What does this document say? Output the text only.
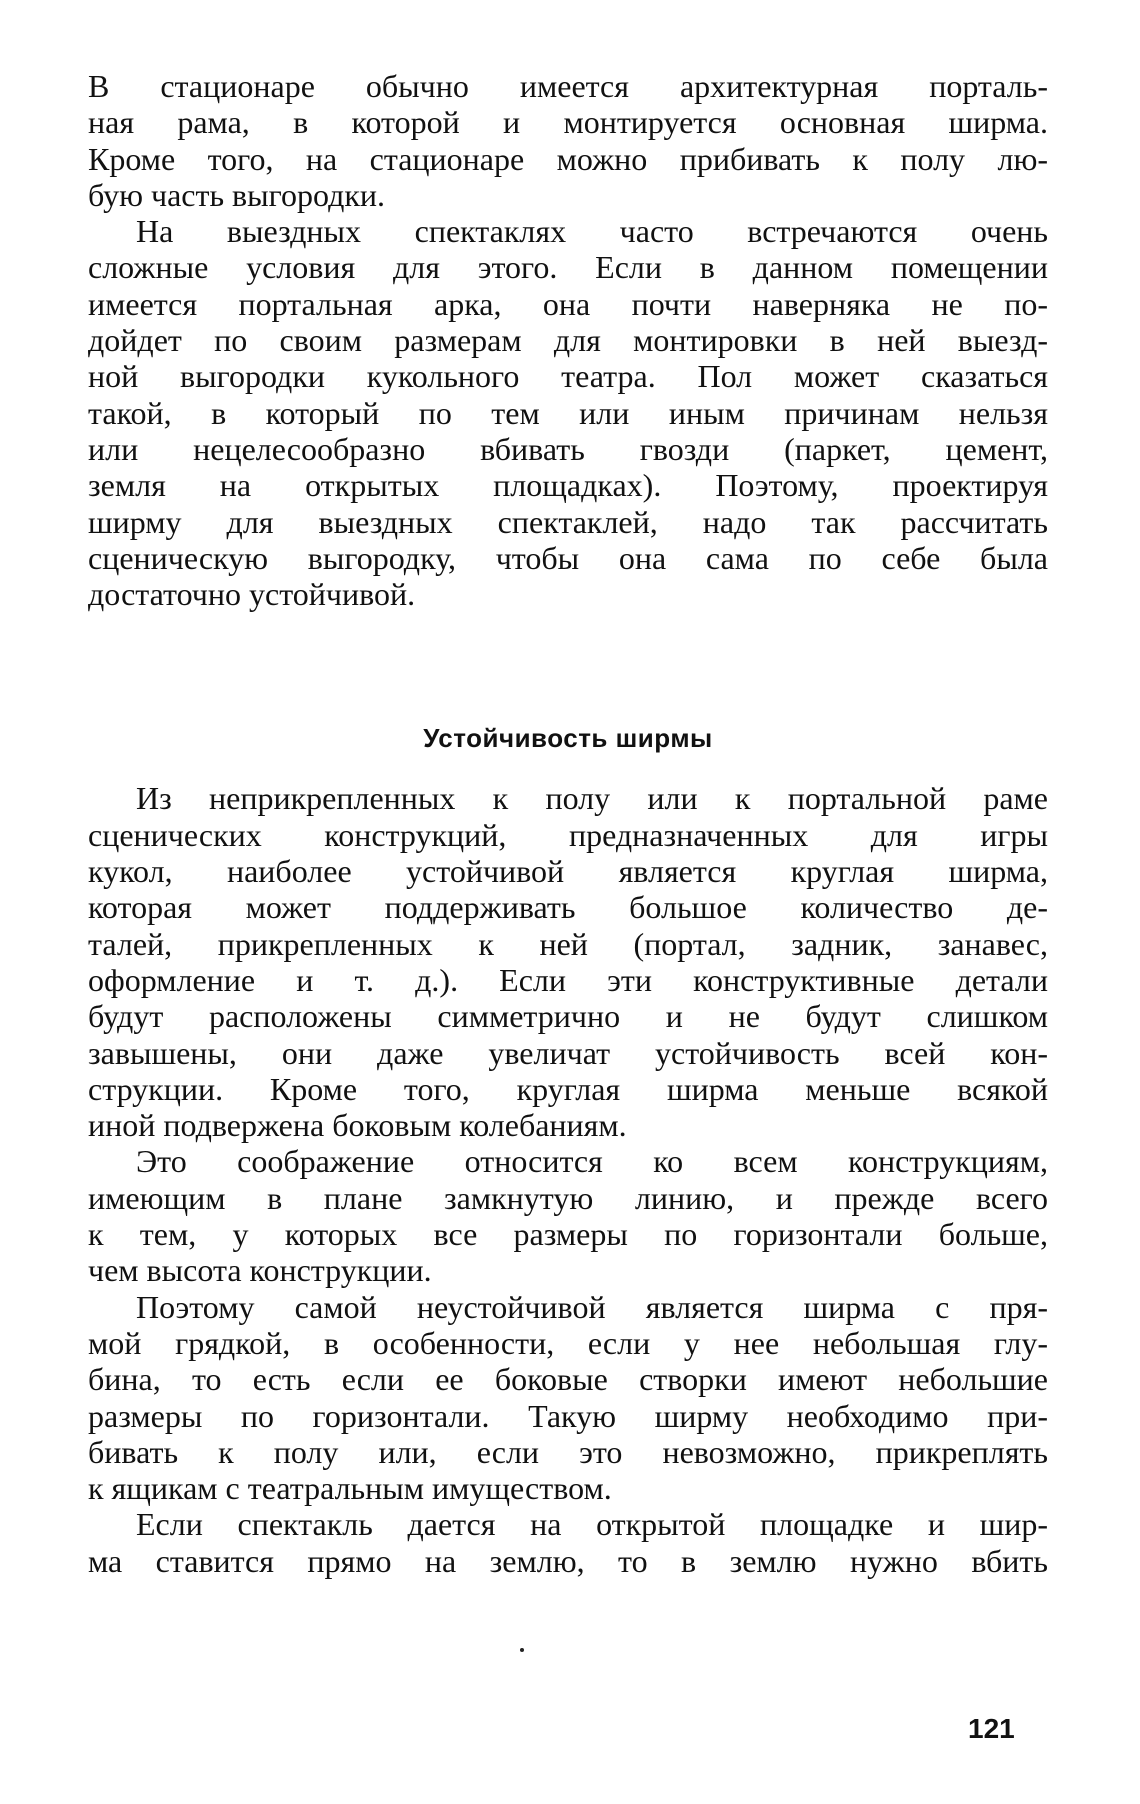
В стационаре обычно имеется архитектурная порталь-
ная рама, в которой и монтируется основная ширма.
Кроме того, на стационаре можно прибивать к полу лю-
бую часть выгородки.
На выездных спектаклях часто встречаются очень
сложные условия для этого. Если в данном помещении
имеется портальная арка, она почти наверняка не по-
дойдет по своим размерам для монтировки в ней выезд-
ной выгородки кукольного театра. Пол может сказаться
такой, в который по тем или иным причинам нельзя
или нецелесообразно вбивать гвозди (паркет, цемент,
земля на открытых площадках). Поэтому, проектируя
ширму для выездных спектаклей, надо так рассчитать
сценическую выгородку, чтобы она сама по себе была
достаточно устойчивой.
Устойчивость ширмы
Из неприкрепленных к полу или к портальной раме
сценических конструкций, предназначенных для игры
кукол, наиболее устойчивой является круглая ширма,
которая может поддерживать большое количество де-
талей, прикрепленных к ней (портал, задник, занавес,
оформление и т. д.). Если эти конструктивные детали
будут расположены симметрично и не будут слишком
завышены, они даже увеличат устойчивость всей кон-
струкции. Кроме того, круглая ширма меньше всякой
иной подвержена боковым колебаниям.
Это соображение относится ко всем конструкциям,
имеющим в плане замкнутую линию, и прежде всего
к тем, у которых все размеры по горизонтали больше,
чем высота конструкции.
Поэтому самой неустойчивой является ширма с пря-
мой грядкой, в особенности, если у нее небольшая глу-
бина, то есть если ее боковые створки имеют небольшие
размеры по горизонтали. Такую ширму необходимо при-
бивать к полу или, если это невозможно, прикреплять
к ящикам с театральным имуществом.
Если спектакль дается на открытой площадке и шир-
ма ставится прямо на землю, то в землю нужно вбить
121
